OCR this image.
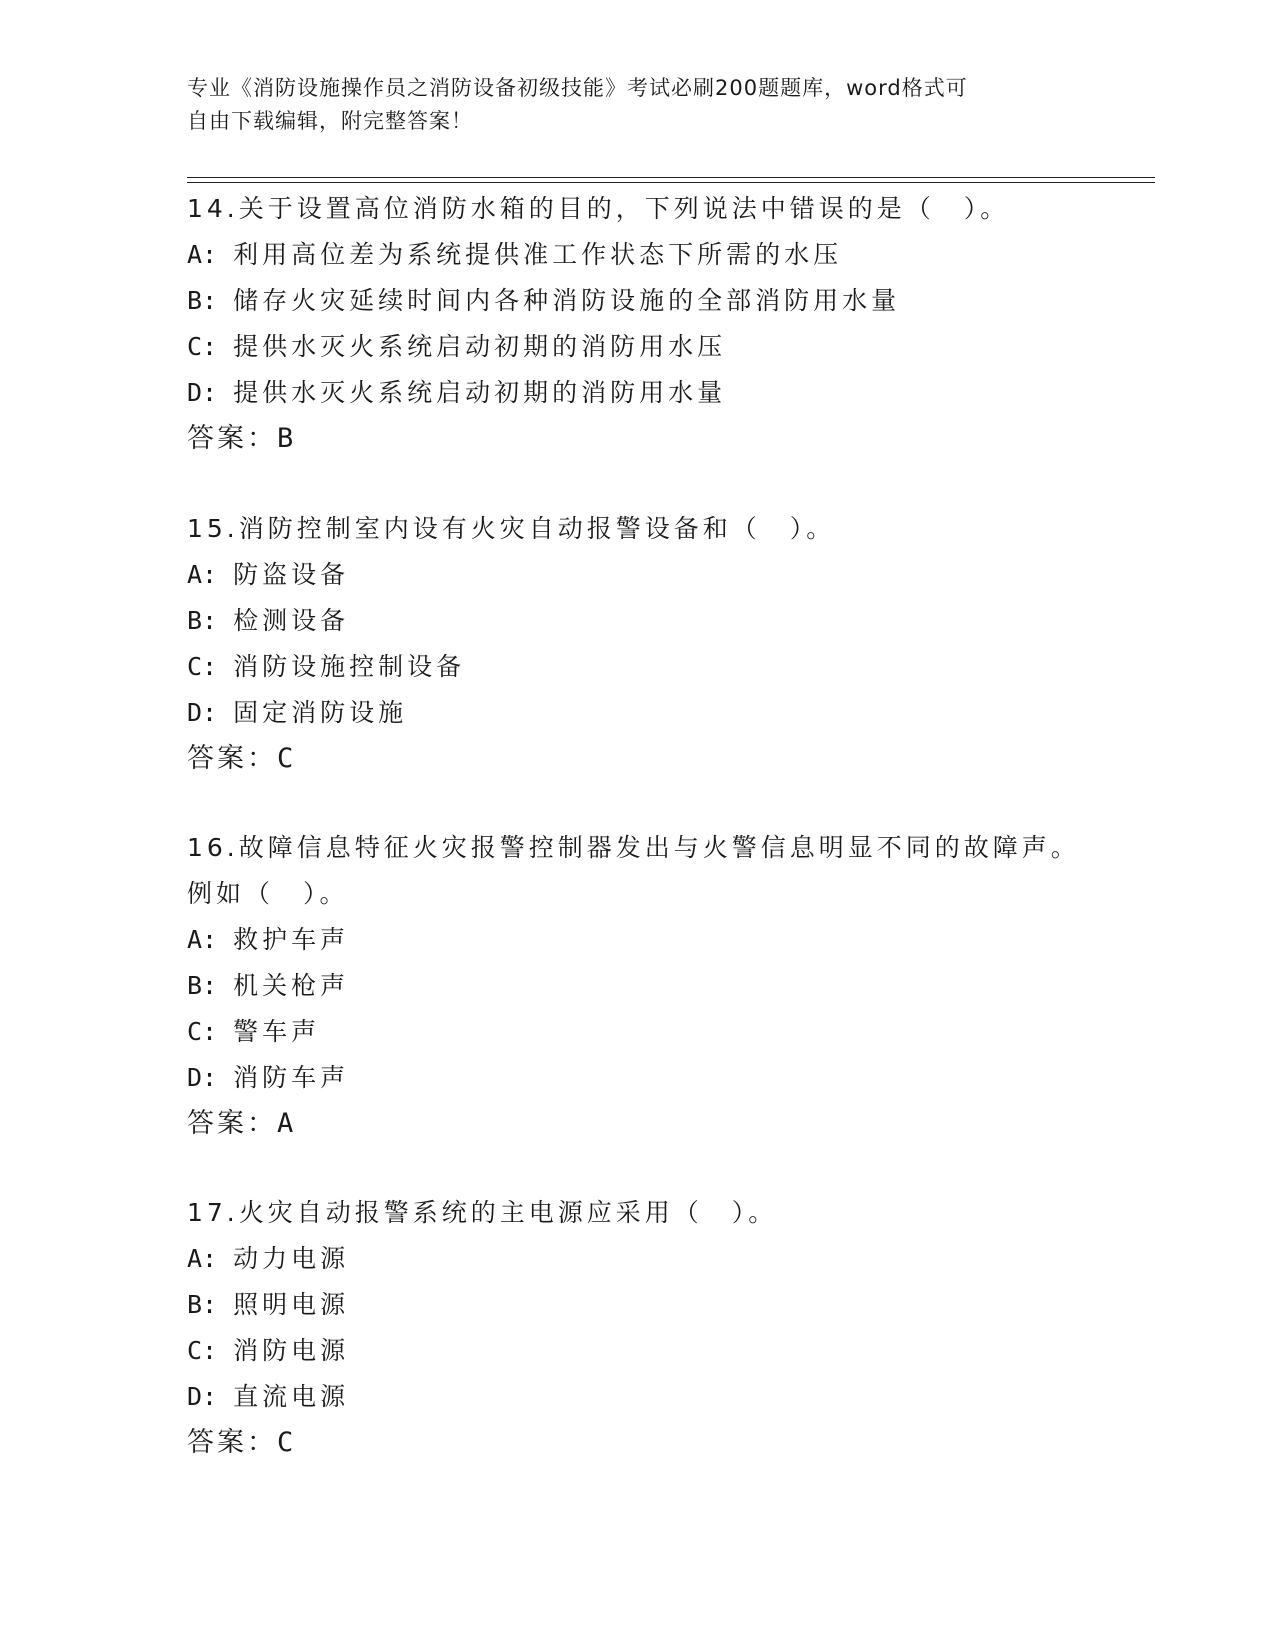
专业《消防设施操作员之消防设备初级技能》考试必刷200题题库，word格式可
自由下载编辑，附完整答案！
14.关于设置高位消防水箱的目的，下列说法中错误的是（　）。
A: 利用高位差为系统提供准工作状态下所需的水压
B: 储存火灾延续时间内各种消防设施的全部消防用水量
C: 提供水灭火系统启动初期的消防用水压
D: 提供水灭火系统启动初期的消防用水量
答案：B
15.消防控制室内设有火灾自动报警设备和（　）。
A: 防盗设备
B: 检测设备
C: 消防设施控制设备
D: 固定消防设施
答案：C
16.故障信息特征火灾报警控制器发出与火警信息明显不同的故障声。
例如（　）。
A: 救护车声
B: 机关枪声
C: 警车声
D: 消防车声
答案：A
17.火灾自动报警系统的主电源应采用（　）。
A: 动力电源
B: 照明电源
C: 消防电源
D: 直流电源
答案：C
